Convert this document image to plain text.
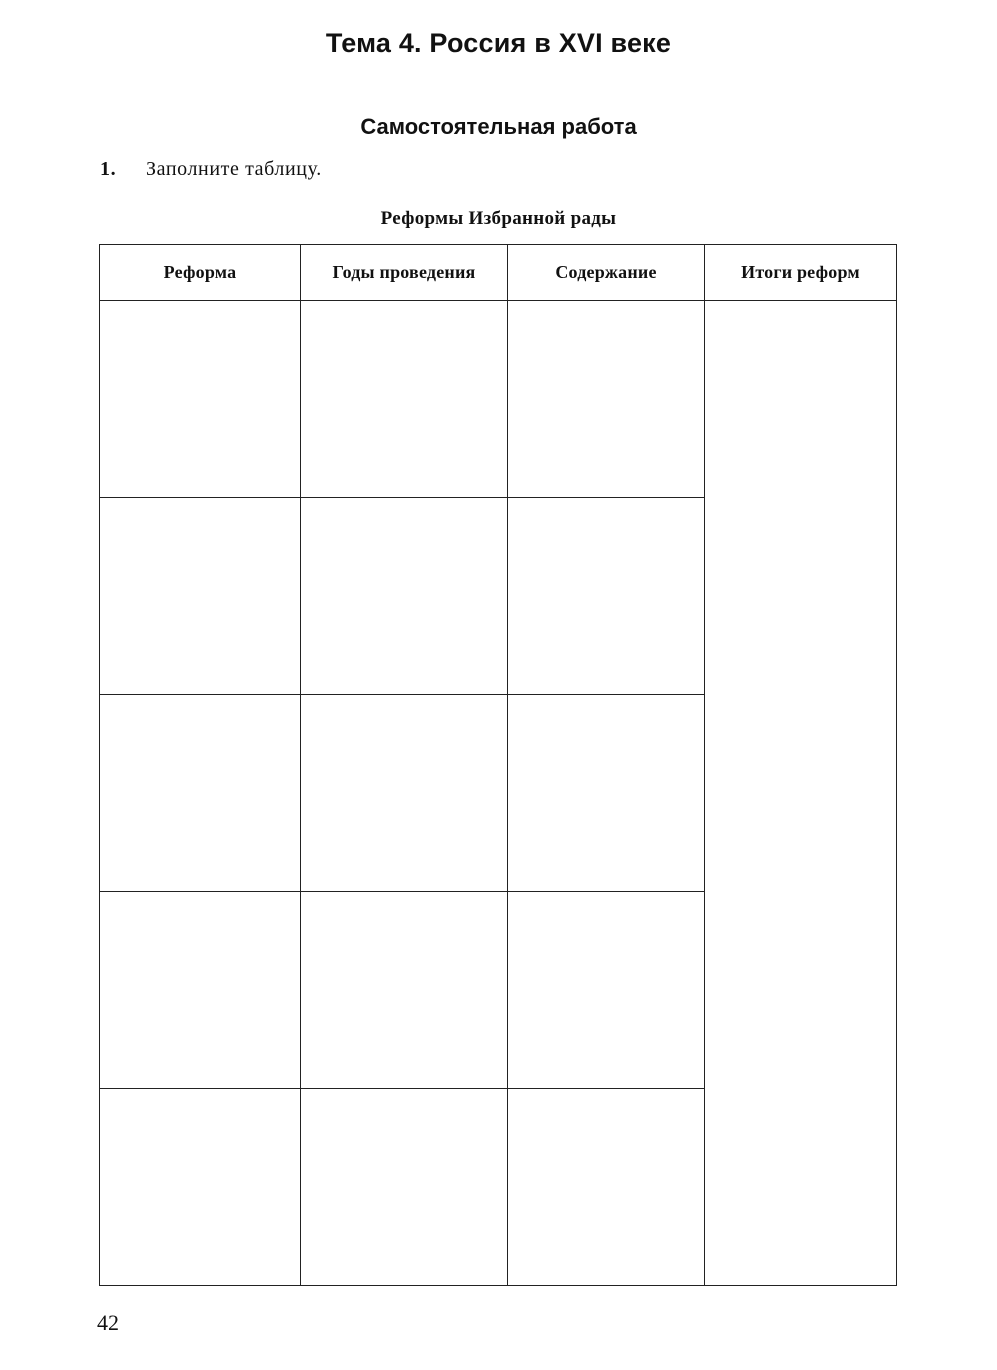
Тема 4. Россия в XVI веке
Самостоятельная работа
1. Заполните таблицу.
Реформы Избранной рады
Реформа	Годы проведения	Содержание	Итоги реформ

42
